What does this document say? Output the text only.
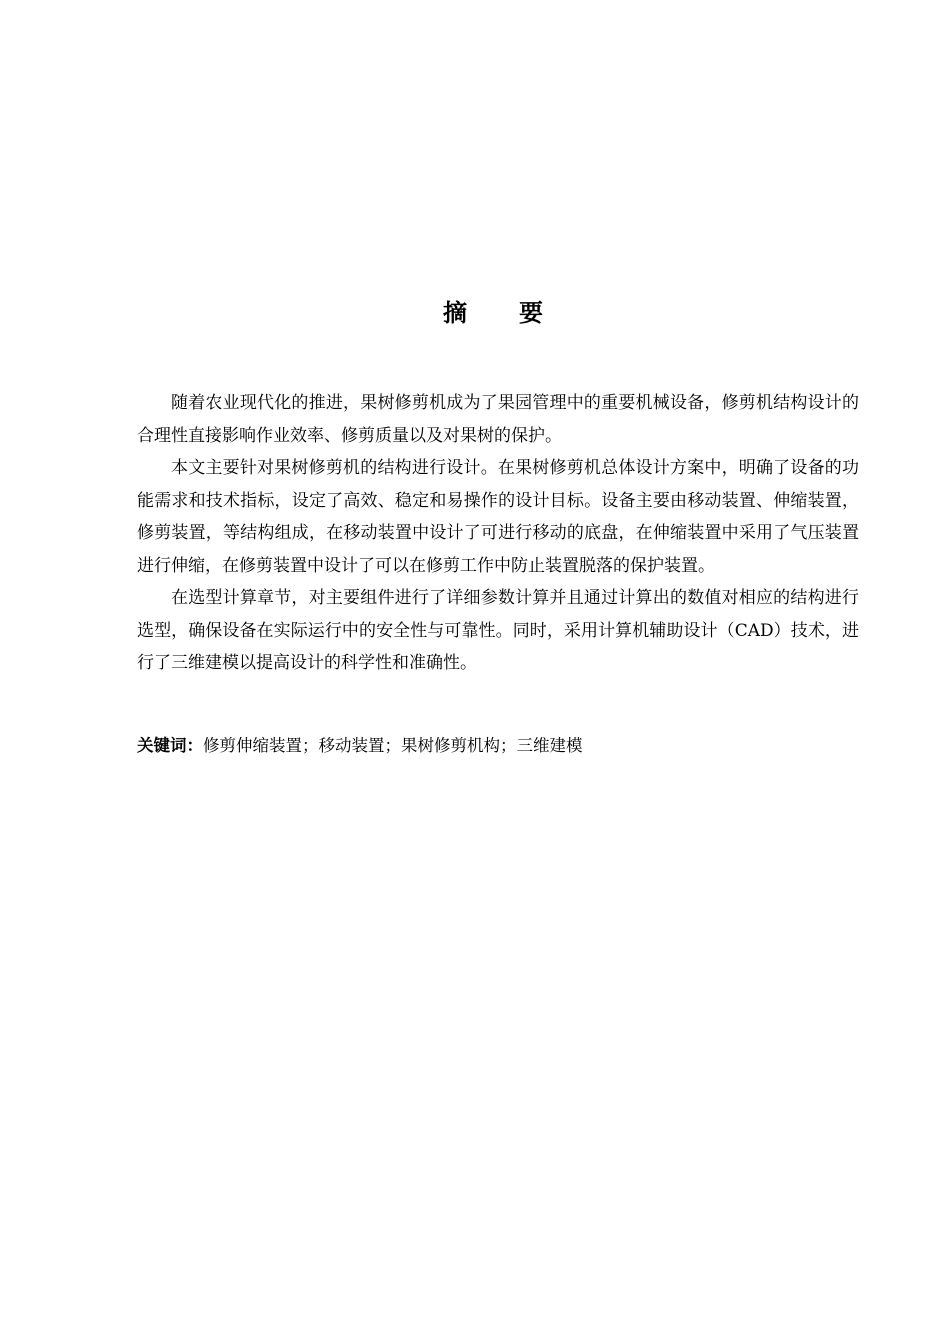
摘 要

随着农业现代化的推进，果树修剪机成为了果园管理中的重要机械设备，修剪机结构设计的合理性直接影响作业效率、修剪质量以及对果树的保护。

本文主要针对果树修剪机的结构进行设计。在果树修剪机总体设计方案中，明确了设备的功能需求和技术指标，设定了高效、稳定和易操作的设计目标。设备主要由移动装置、伸缩装置，修剪装置，等结构组成，在移动装置中设计了可进行移动的底盘，在伸缩装置中采用了气压装置进行伸缩，在修剪装置中设计了可以在修剪工作中防止装置脱落的保护装置。

在选型计算章节，对主要组件进行了详细参数计算并且通过计算出的数值对相应的结构进行选型，确保设备在实际运行中的安全性与可靠性。同时，采用计算机辅助设计（CAD）技术，进行了三维建模以提高设计的科学性和准确性。

关键词：修剪伸缩装置；移动装置；果树修剪机构；三维建模
